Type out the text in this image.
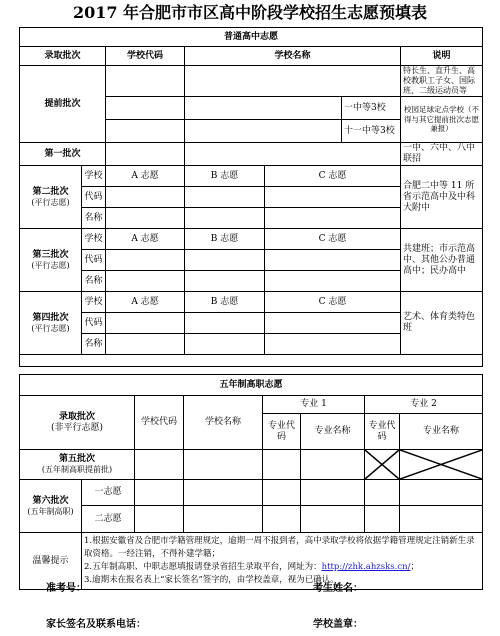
2017 年合肥市市区高中阶段学校招生志愿预填表
普通高中志愿						
录取批次		学校代码	学校名称			说明
提前批次						特长生、直升生、高校教职工子女、国际班、二级运动员等
					一中等3校	校园足球定点学校（不得与其它提前批次志愿兼报）
					十一中等3校	
第一批次						一中、六中、八中联招

第二批次
(平行志愿)	学校	A 志愿	B 志愿	C 志愿		合肥二中等 11 所省示范高中及中科大附中
	代码					
	名称					

第三批次
(平行志愿)	学校	A 志愿	B 志愿	C 志愿		共建班；市示范高中、其他公办普通高中；民办高中
	代码					
	名称					

第四批次
(平行志愿)	学校	A 志愿	B 志愿	C 志愿		艺术、体育类特色班
	代码					
	名称					

五年制高职志愿							

录取批次
(非平行志愿)		学校代码	学校名称	专业 1		专业 2	
				专业代码	专业名称	专业代码	专业名称

第五批次
(五年制高职提前批)

第六批次
(五年制高职)	一志愿						
	二志愿						
温馨提示	1.根据安徽省及合肥市学籍管理规定，逾期一周不报到者，高中录取学校将依据学籍管理规定注销新生录取资格。一经注销，不得补建学籍；
2.五年制高职、中职志愿填报请登录省招生录取平台，网址为：http://zhk.ahzsks.cn/；
3.逾期未在报名表上“家长签名”签字的，由学校盖章，视为已确认。						
准考号：	考生姓名：
家长签名及联系电话：	学校盖章：
